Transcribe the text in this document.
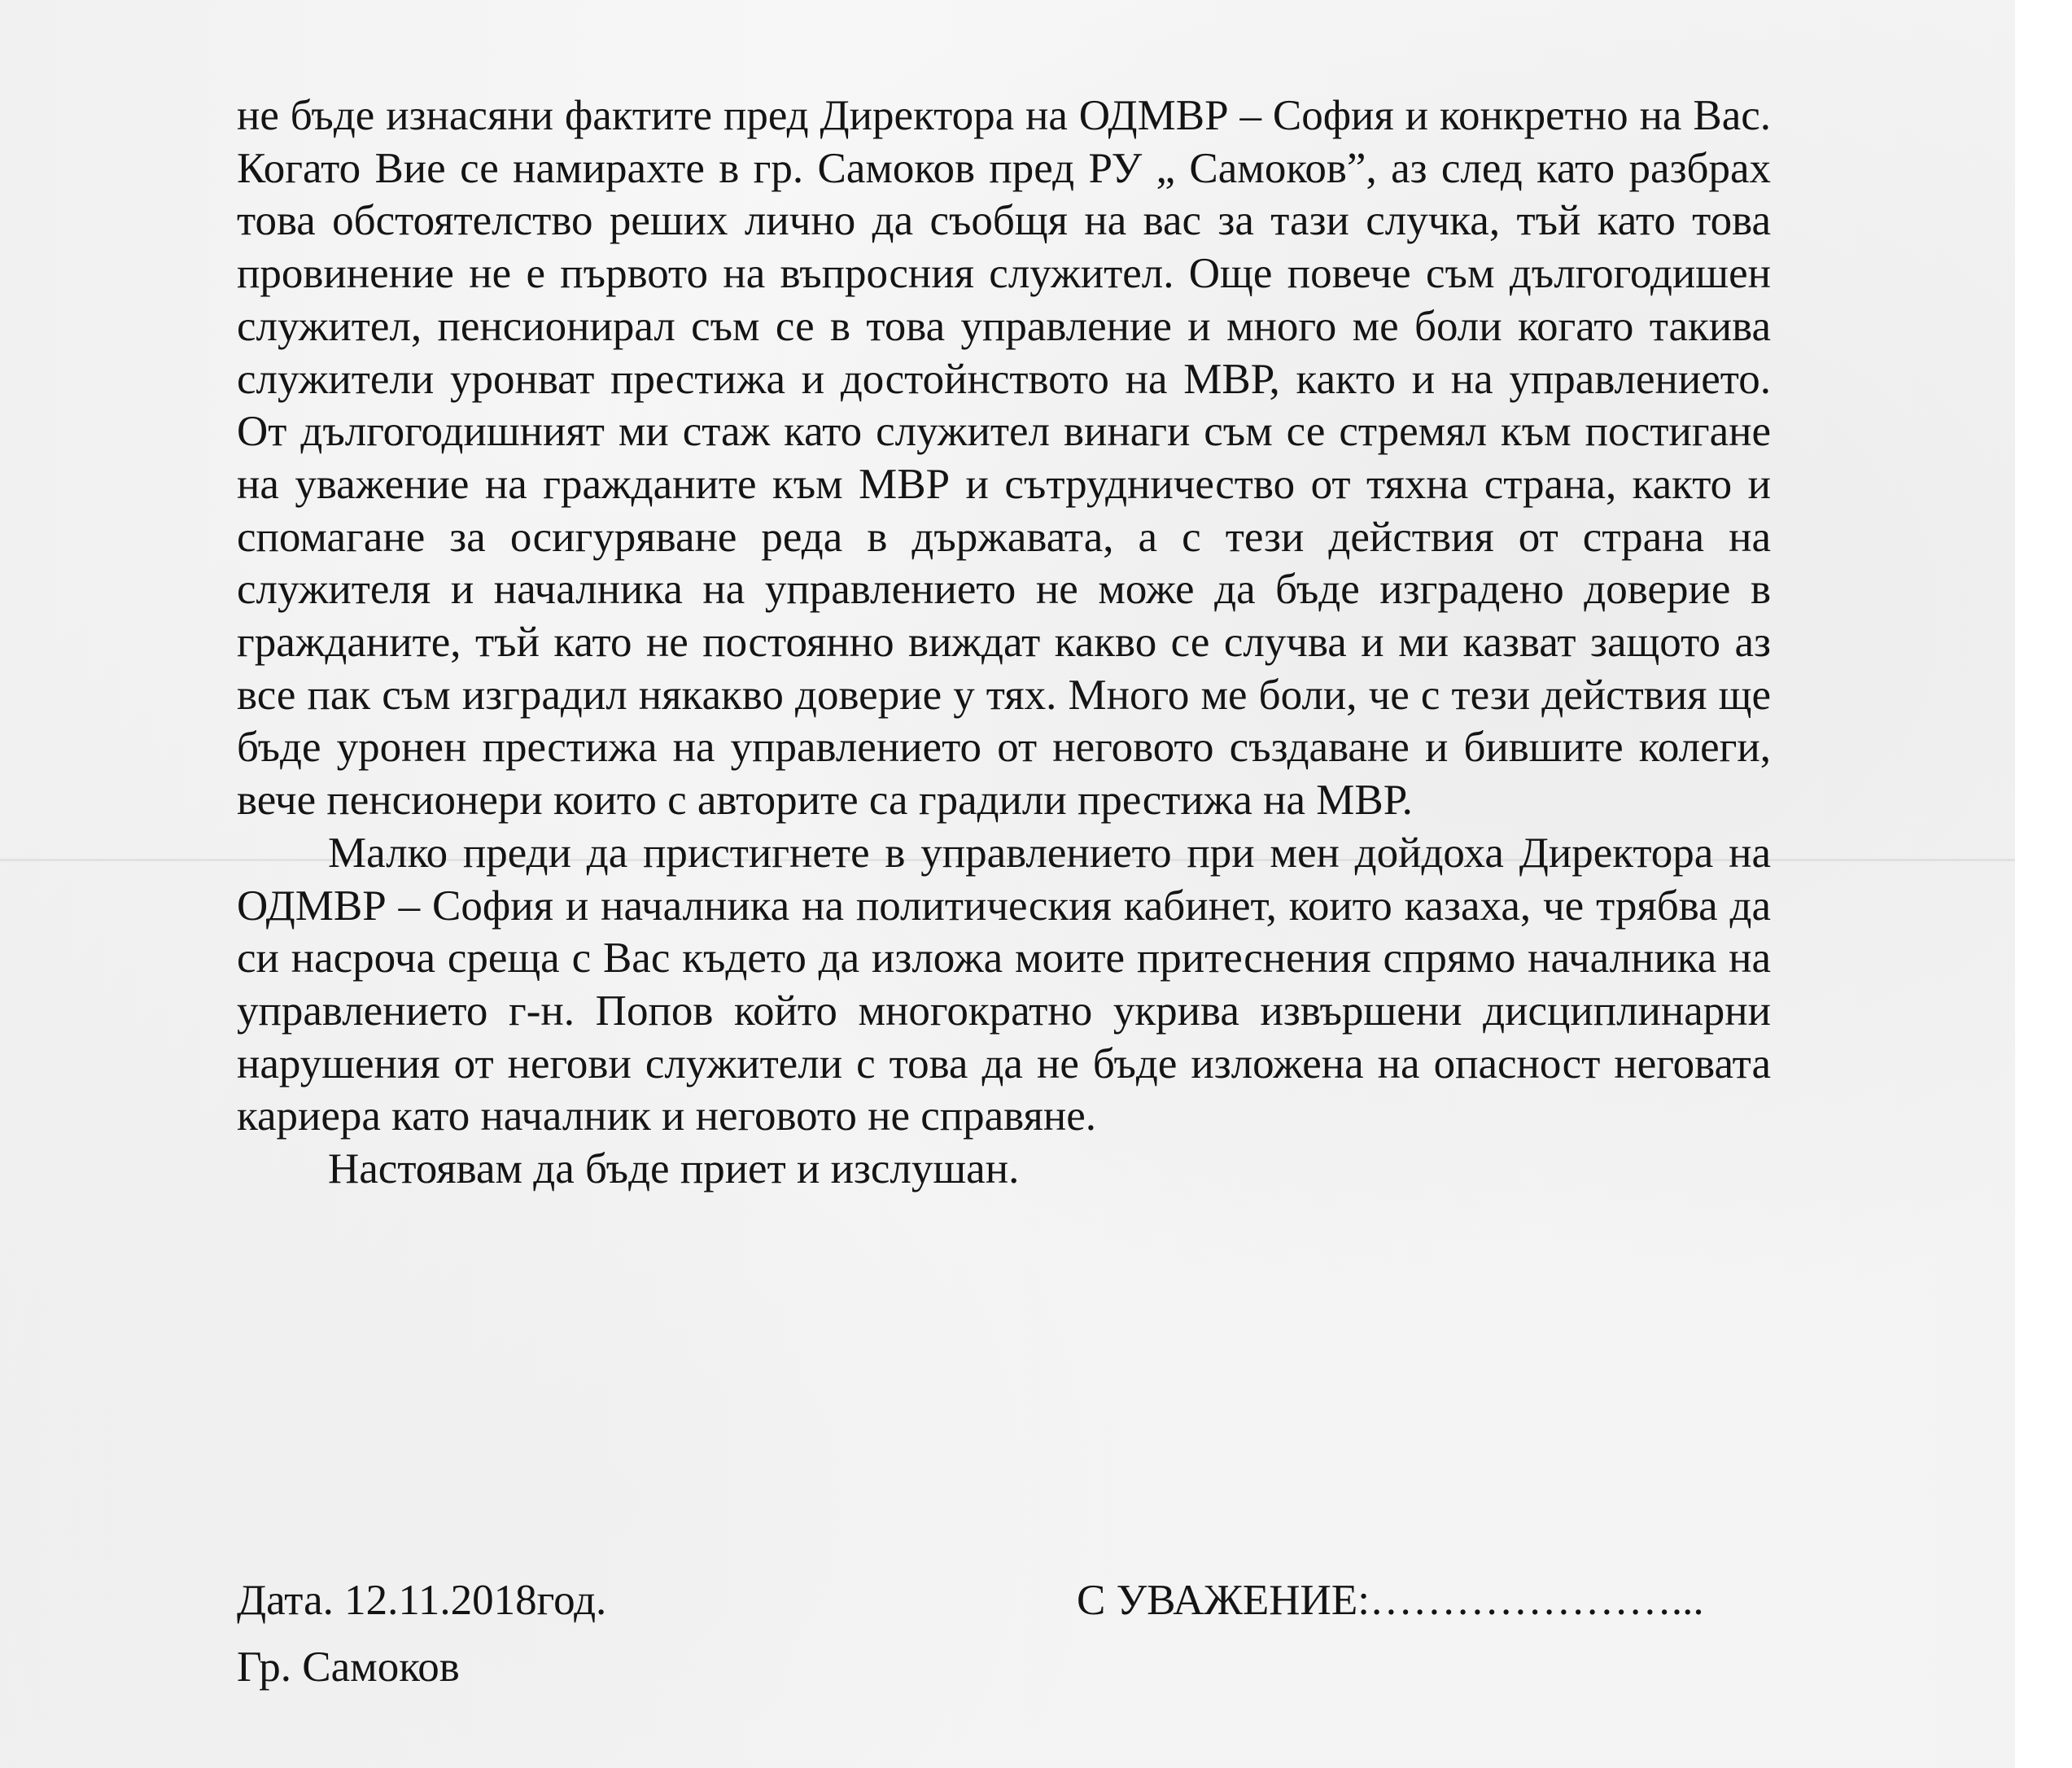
не бъде изнасяни фактите пред Директора на ОДМВР – София и конкретно на Вас. Когато Вие се намирахте в гр. Самоков пред РУ „ Самоков”, аз след като разбрах това обстоятелство реших лично да съобщя на вас за тази случка, тъй като това провинение не е първото на въпросния служител. Още повече съм дългогодишен служител, пенсионирал съм се в това управление и много ме боли когато такива служители уронват престижа и достойнството на МВР, както и на управлението. От дългогодишният ми стаж като служител винаги съм се стремял към постигане на уважение на гражданите към МВР и сътрудничество от тяхна страна, както и спомагане за осигуряване реда в държавата, а с тези действия от страна на служителя и началника на управлението не може да бъде изградено доверие в гражданите, тъй като не постоянно виждат какво се случва и ми казват защото аз все пак съм изградил някакво доверие у тях. Много ме боли, че с тези действия ще бъде уронен престижа на управлението от неговото създаване и бившите колеги, вече пенсионери които с авторите са градили престижа на МВР.

Малко преди да пристигнете в управлението при мен дойдоха Директора на ОДМВР – София и началника на политическия кабинет, които казаха, че трябва да си насроча среща с Вас където да изложа моите притеснения спрямо началника на управлението г-н. Попов който многократно укрива извършени дисциплинарни нарушения от негови служители с това да не бъде изложена на опасност неговата кариера като началник и неговото не справяне.

Настоявам да бъде приет и изслушан.

Дата. 12.11.2018год.	С УВАЖЕНИЕ:…………………...
Гр. Самоков
